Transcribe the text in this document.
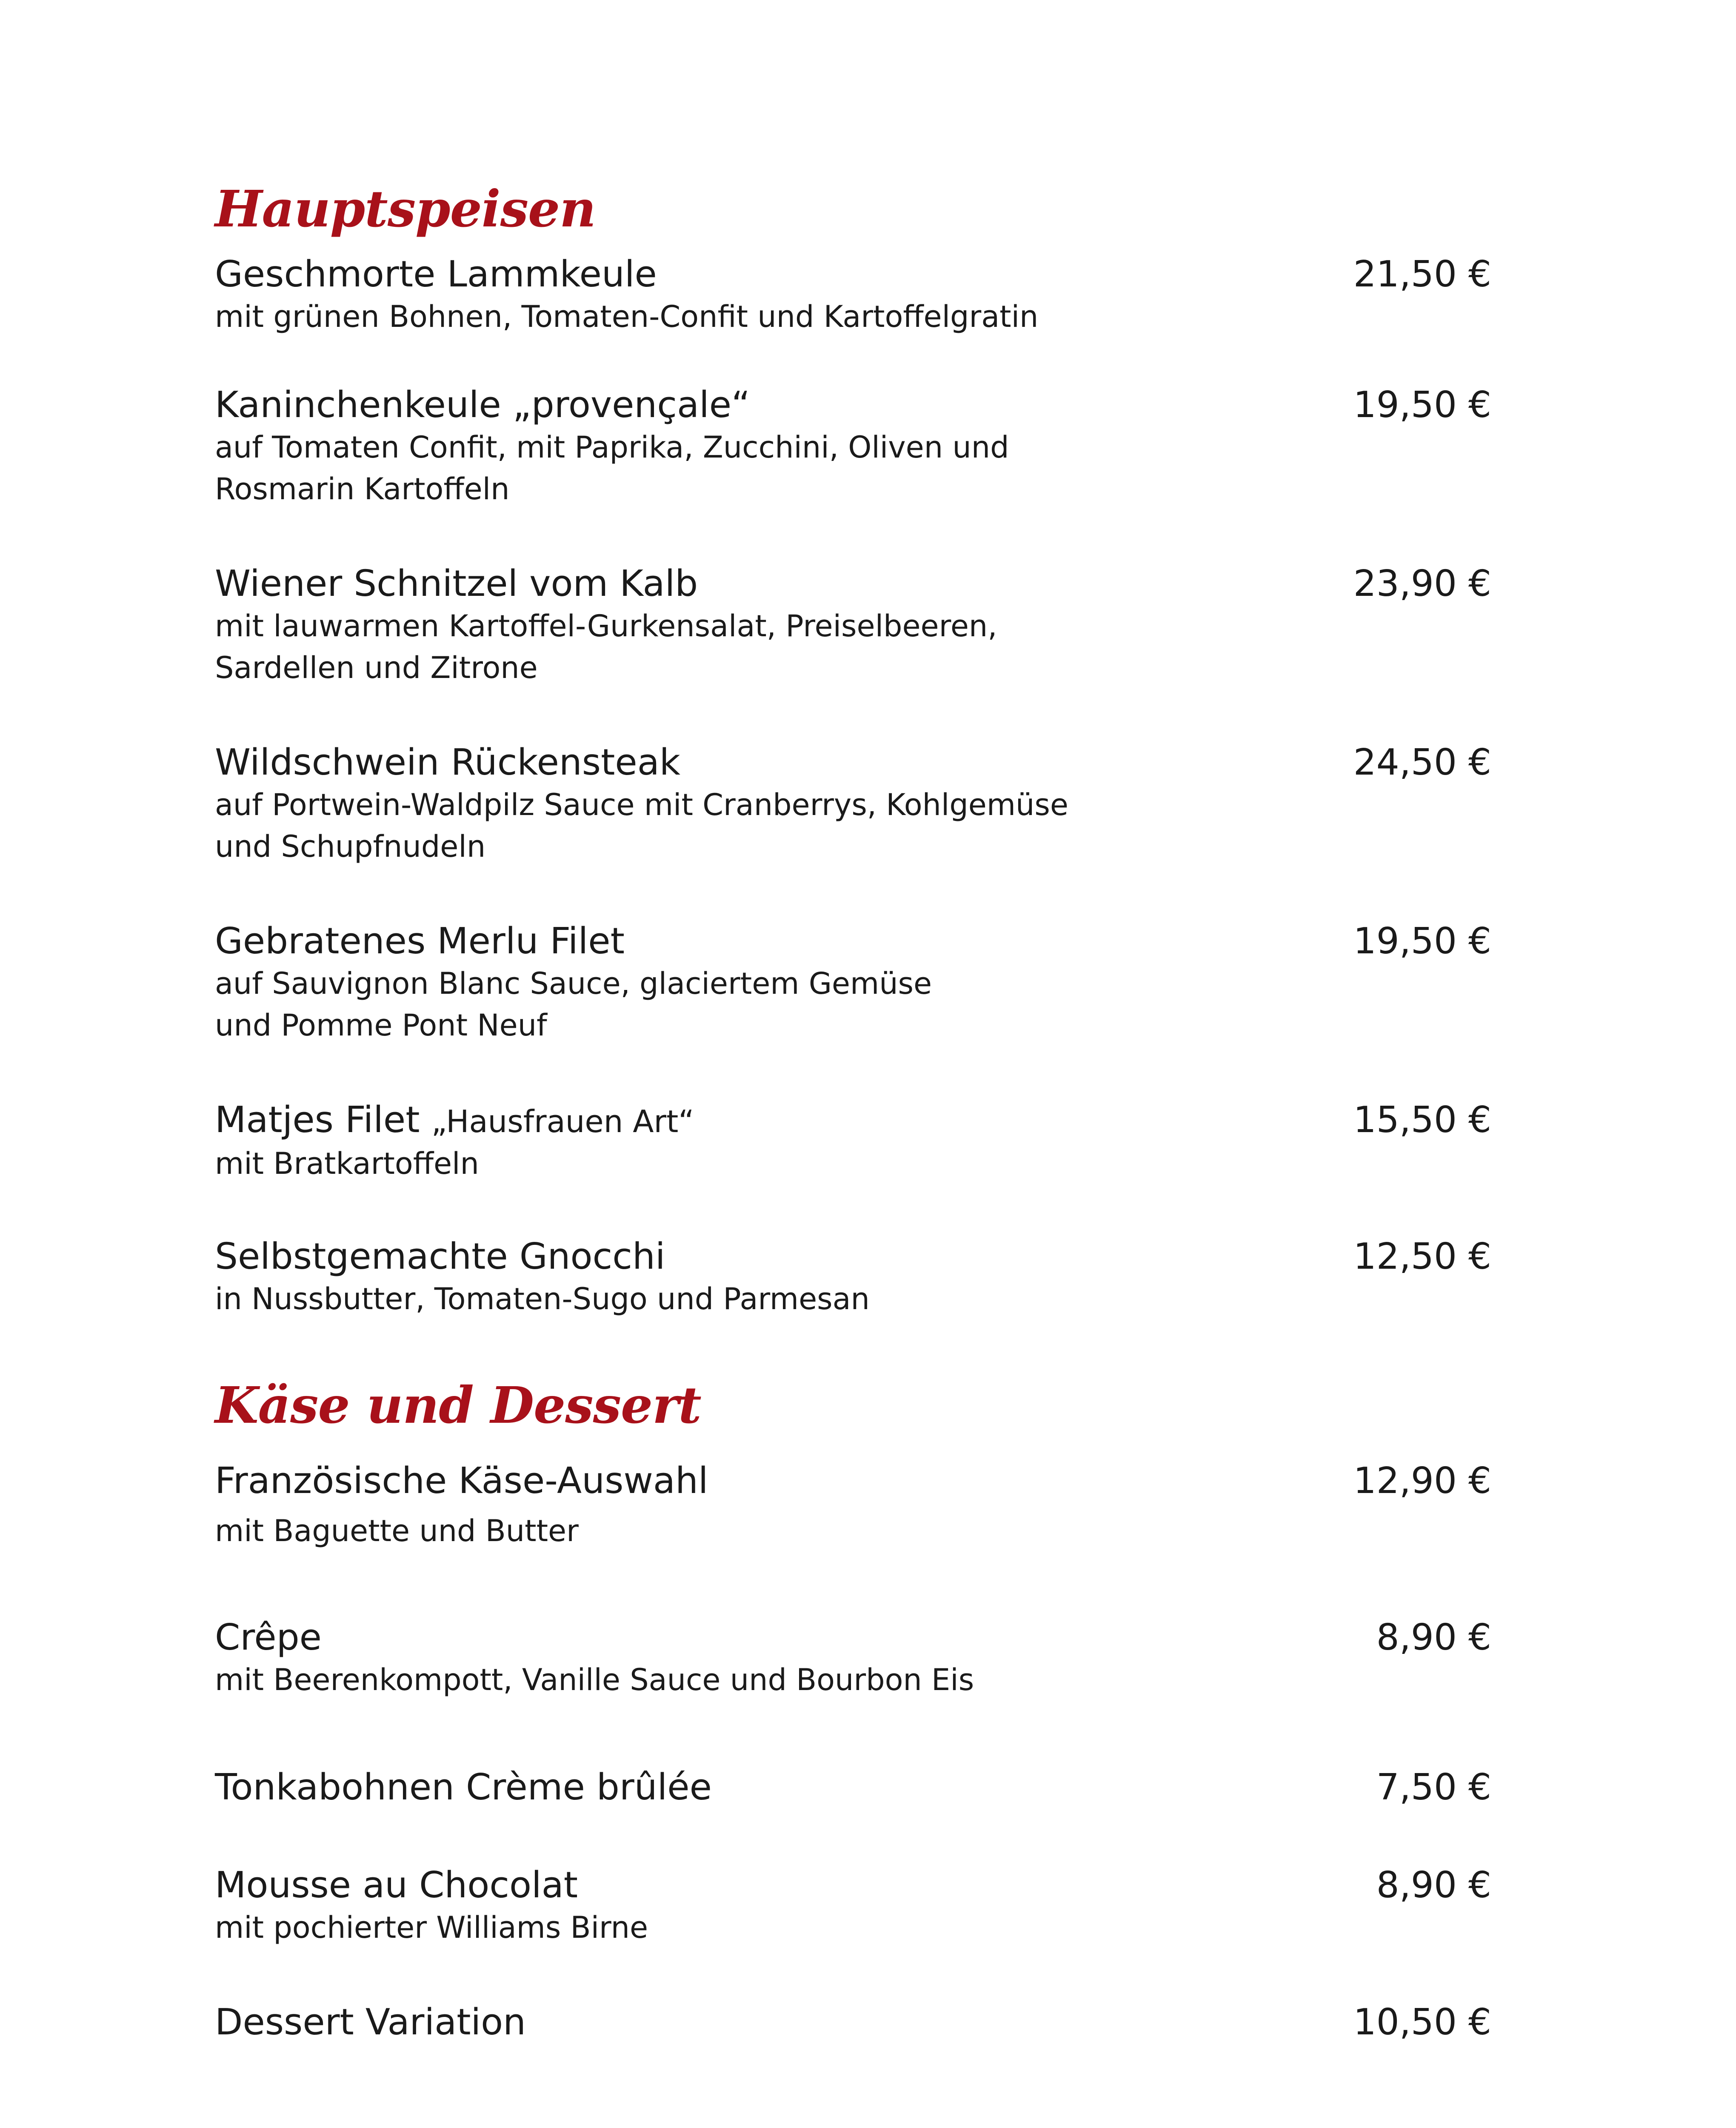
Hauptspeisen
Geschmorte Lammkeule	21,50 €
mit grünen Bohnen, Tomaten-Confit und Kartoffelgratin
Kaninchenkeule „provençale“	19,50 €
auf Tomaten Confit, mit Paprika, Zucchini, Oliven und
Rosmarin Kartoffeln
Wiener Schnitzel vom Kalb	23,90 €
mit lauwarmen Kartoffel-Gurkensalat, Preiselbeeren,
Sardellen und Zitrone
Wildschwein Rückensteak	24,50 €
auf Portwein-Waldpilz Sauce mit Cranberrys, Kohlgemüse
und Schupfnudeln
Gebratenes Merlu Filet	19,50 €
auf Sauvignon Blanc Sauce, glaciertem Gemüse
und Pomme Pont Neuf
Matjes Filet „Hausfrauen Art“	15,50 €
mit Bratkartoffeln
Selbstgemachte Gnocchi	12,50 €
in Nussbutter, Tomaten-Sugo und Parmesan
Käse und Dessert
Französische Käse-Auswahl	12,90 €
mit Baguette und Butter
Crêpe	8,90 €
mit Beerenkompott, Vanille Sauce und Bourbon Eis
Tonkabohnen Crème brûlée	7,50 €
Mousse au Chocolat	8,90 €
mit pochierter Williams Birne
Dessert Variation	10,50 €
